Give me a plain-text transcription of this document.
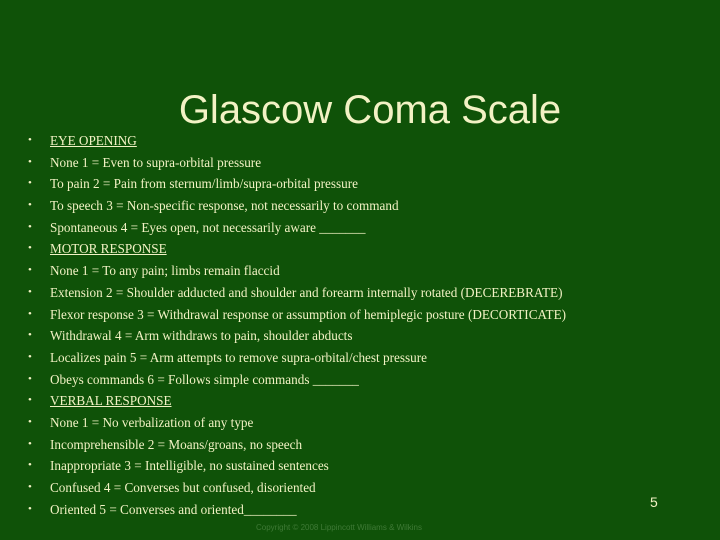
Glascow Coma Scale
•	EYE OPENING
•	None 1 = Even to supra-orbital pressure
•	To pain 2 = Pain from sternum/limb/supra-orbital pressure
•	To speech 3 = Non-specific response, not necessarily to command
•	Spontaneous 4 = Eyes open, not necessarily aware _______
•	MOTOR RESPONSE
•	None 1 = To any pain; limbs remain flaccid
•	Extension 2 = Shoulder adducted and shoulder and forearm internally rotated (DECEREBRATE)
•	Flexor response 3 = Withdrawal response or assumption of hemiplegic posture (DECORTICATE)
•	Withdrawal 4 = Arm withdraws to pain, shoulder abducts
•	Localizes pain 5 = Arm attempts to remove supra-orbital/chest pressure
•	Obeys commands 6 = Follows simple commands _______
•	VERBAL RESPONSE
•	None 1 = No verbalization of any type
•	Incomprehensible 2 = Moans/groans, no speech
•	Inappropriate 3 = Intelligible, no sustained sentences
•	Confused 4 = Converses but confused, disoriented
•	Oriented 5 = Converses and oriented________	5
Copyright © 2008 Lippincott Williams & Wilkins
